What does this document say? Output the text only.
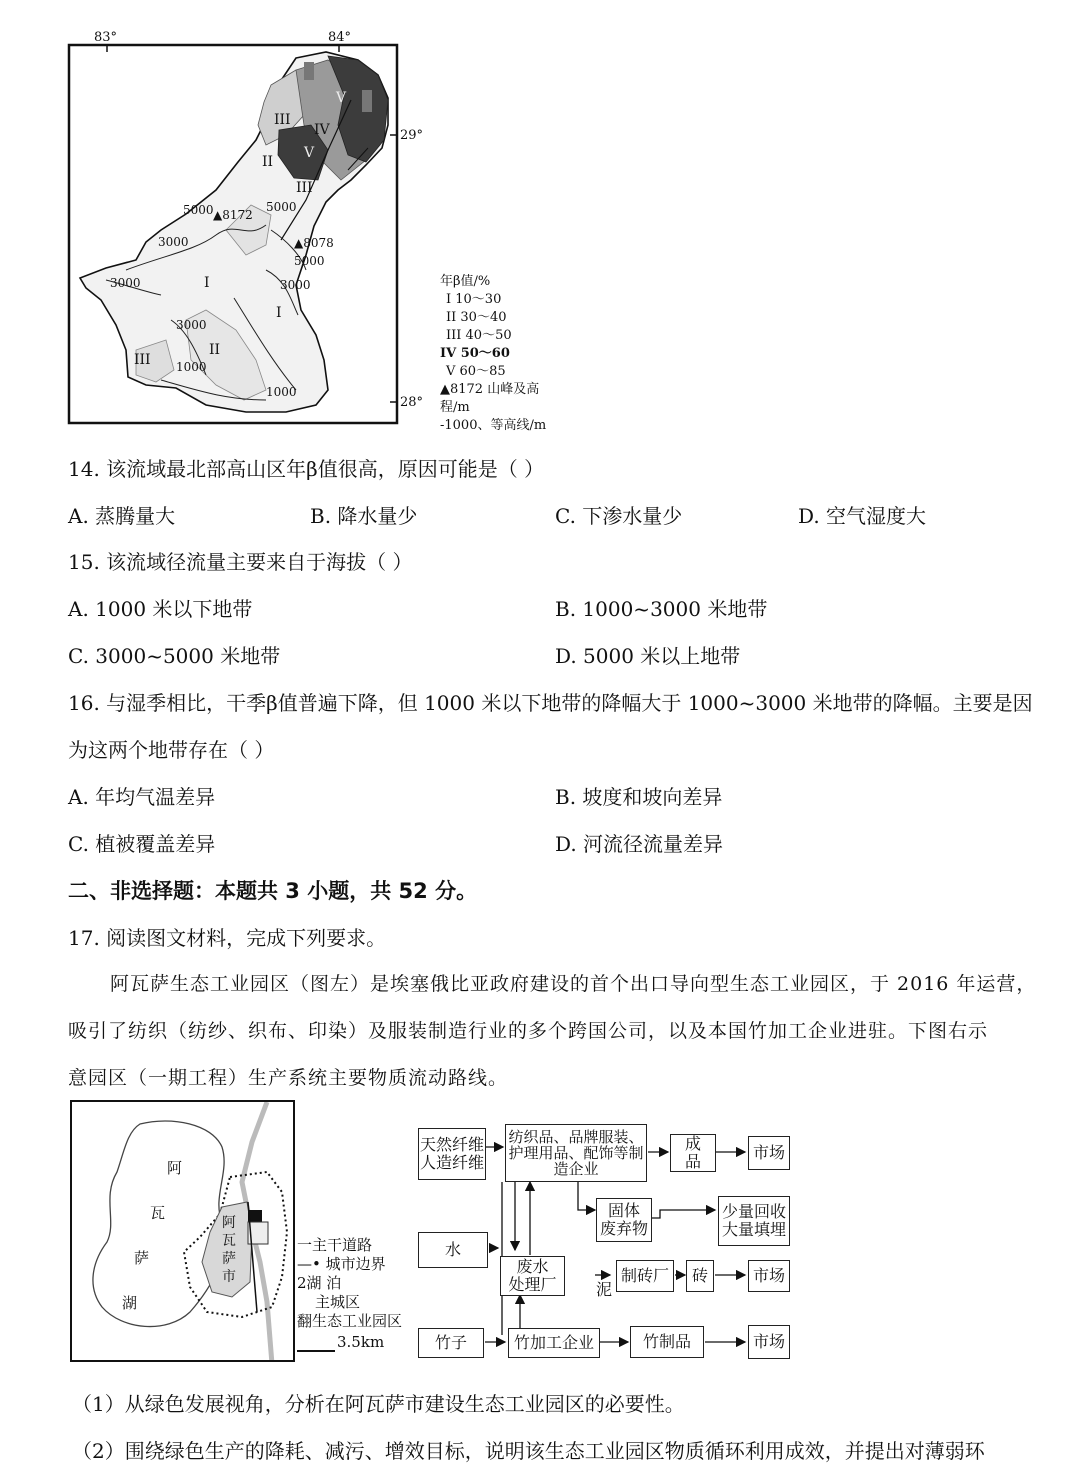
83°	84°
29°
28°
III
IV
V
V
II
III
I
I
II
III
▲8172
▲8078
5000	5000
5000
3000
3000	3000
3000
1000
1000
年β值/%
I 10～30
II 30～40
III 40～50
IV 50～60
V 60～85
▲8172 山峰及高程/m
-1000、等高线/m
14. 该流域最北部高山区年β值很高，原因可能是（ ）
A. 蒸腾量大	B. 降水量少	C. 下渗水量少	D. 空气湿度大
15. 该流域径流量主要来自于海拔（ ）
A. 1000 米以下地带	B. 1000~3000 米地带
C. 3000~5000 米地带	D. 5000 米以上地带
16. 与湿季相比，干季β值普遍下降，但 1000 米以下地带的降幅大于 1000~3000 米地带的降幅。主要是因
为这两个地带存在（ ）
A. 年均气温差异	B. 坡度和坡向差异
C. 植被覆盖差异	D. 河流径流量差异
二、非选择题：本题共 3 小题，共 52 分。
17. 阅读图文材料，完成下列要求。
阿瓦萨生态工业园区（图左）是埃塞俄比亚政府建设的首个出口导向型生态工业园区，于 2016 年运营，
吸引了纺织（纺纱、织布、印染）及服装制造行业的多个跨国公司，以及本国竹加工企业进驻。下图右示
意园区（一期工程）生产系统主要物质流动路线。
阿
瓦
萨
湖
阿
瓦
萨
市
一主干道路
—• 城市边界
2湖 泊
主城区
翻生态工业园区
3.5km
天然纤维
人造纤维
纺织品、品牌服装、
护理用品、配饰等制
造企业
成　品	市场
固体
废弃物
少量回收
大量填埋
水
废水
处理厂 泥
制砖厂	砖	市场
竹子	竹加工企业	竹制品	市场
（1）从绿色发展视角，分析在阿瓦萨市建设生态工业园区的必要性。
（2）围绕绿色生产的降耗、减污、增效目标，说明该生态工业园区物质循环利用成效，并提出对薄弱环
